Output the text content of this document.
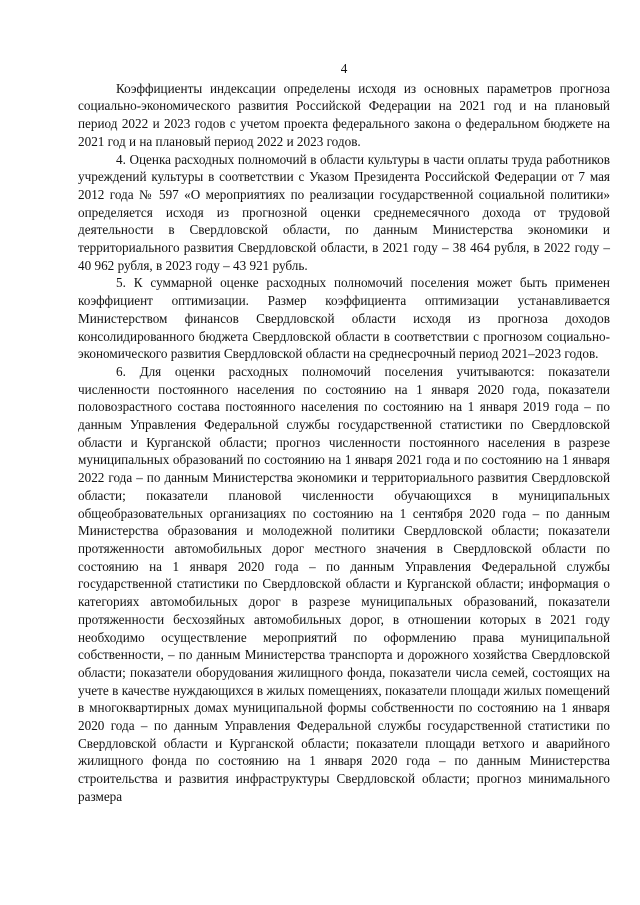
4

Коэффициенты индексации определены исходя из основных параметров прогноза социально-экономического развития Российской Федерации на 2021 год и на плановый период 2022 и 2023 годов с учетом проекта федерального закона о федеральном бюджете на 2021 год и на плановый период 2022 и 2023 годов.

4. Оценка расходных полномочий в области культуры в части оплаты труда работников учреждений культуры в соответствии с Указом Президента Российской Федерации от 7 мая 2012 года № 597 «О мероприятиях по реализации государственной социальной политики» определяется исходя из прогнозной оценки среднемесячного дохода от трудовой деятельности в Свердловской области, по данным Министерства экономики и территориального развития Свердловской области, в 2021 году – 38 464 рубля, в 2022 году – 40 962 рубля, в 2023 году – 43 921 рубль.

5. К суммарной оценке расходных полномочий поселения может быть применен коэффициент оптимизации. Размер коэффициента оптимизации устанавливается Министерством финансов Свердловской области исходя из прогноза доходов консолидированного бюджета Свердловской области в соответствии с прогнозом социально-экономического развития Свердловской области на среднесрочный период 2021–2023 годов.

6. Для оценки расходных полномочий поселения учитываются: показатели численности постоянного населения по состоянию на 1 января 2020 года, показатели половозрастного состава постоянного населения по состоянию на 1 января 2019 года – по данным Управления Федеральной службы государственной статистики по Свердловской области и Курганской области; прогноз численности постоянного населения в разрезе муниципальных образований по состоянию на 1 января 2021 года и по состоянию на 1 января 2022 года – по данным Министерства экономики и территориального развития Свердловской области; показатели плановой численности обучающихся в муниципальных общеобразовательных организациях по состоянию на 1 сентября 2020 года – по данным Министерства образования и молодежной политики Свердловской области; показатели протяженности автомобильных дорог местного значения в Свердловской области по состоянию на 1 января 2020 года – по данным Управления Федеральной службы государственной статистики по Свердловской области и Курганской области; информация о категориях автомобильных дорог в разрезе муниципальных образований, показатели протяженности бесхозяйных автомобильных дорог, в отношении которых в 2021 году необходимо осуществление мероприятий по оформлению права муниципальной собственности, – по данным Министерства транспорта и дорожного хозяйства Свердловской области; показатели оборудования жилищного фонда, показатели числа семей, состоящих на учете в качестве нуждающихся в жилых помещениях, показатели площади жилых помещений в многоквартирных домах муниципальной формы собственности по состоянию на 1 января 2020 года – по данным Управления Федеральной службы государственной статистики по Свердловской области и Курганской области; показатели площади ветхого и аварийного жилищного фонда по состоянию на 1 января 2020 года – по данным Министерства строительства и развития инфраструктуры Свердловской области; прогноз минимального размера
